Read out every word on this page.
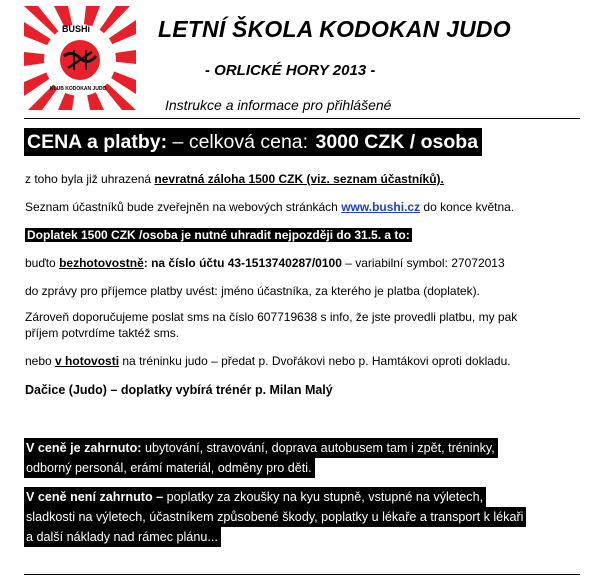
BUSHi
KLUB KODOKAN JUDO
LETNÍ ŠKOLA KODOKAN JUDO
- ORLICKÉ HORY 2013 -
Instrukce a informace pro přihlášené
CENA a platby: – celková cena: 3000 CZK / osoba
z toho byla již uhrazená nevratná záloha 1500 CZK (viz. seznam účastníků).
Seznam účastníků bude zveřejněn na webových stránkách www.bushi.cz do konce května.
Doplatek 1500 CZK /osoba je nutné uhradit nejpozději do 31.5. a to:
buďto bezhotovostně: na číslo účtu 43-1513740287/0100 – variabilní symbol: 27072013
do zprávy pro příjemce platby uvést: jméno účastníka, za kterého je platba (doplatek).
Zároveň doporučujeme poslat sms na číslo 607719638 s info, že jste provedli platbu, my pak
příjem potvrdíme taktéž sms.
nebo v hotovosti na tréninku judo – předat p. Dvořákovi nebo p. Hamtákovi oproti dokladu.
Dačice (Judo) – doplatky vybírá trénér p. Milan Malý
V ceně je zahrnuto: ubytování, stravování, doprava autobusem tam i zpět, tréninky,
odborný personál, erámí materiál, odměny pro děti.
V ceně není zahrnuto – poplatky za zkoušky na kyu stupně, vstupné na výletech,
sladkosti na výletech, účastníkem způsobené škody, poplatky u lékaře a transport k lékaři
a další náklady nad rámec plánu...
